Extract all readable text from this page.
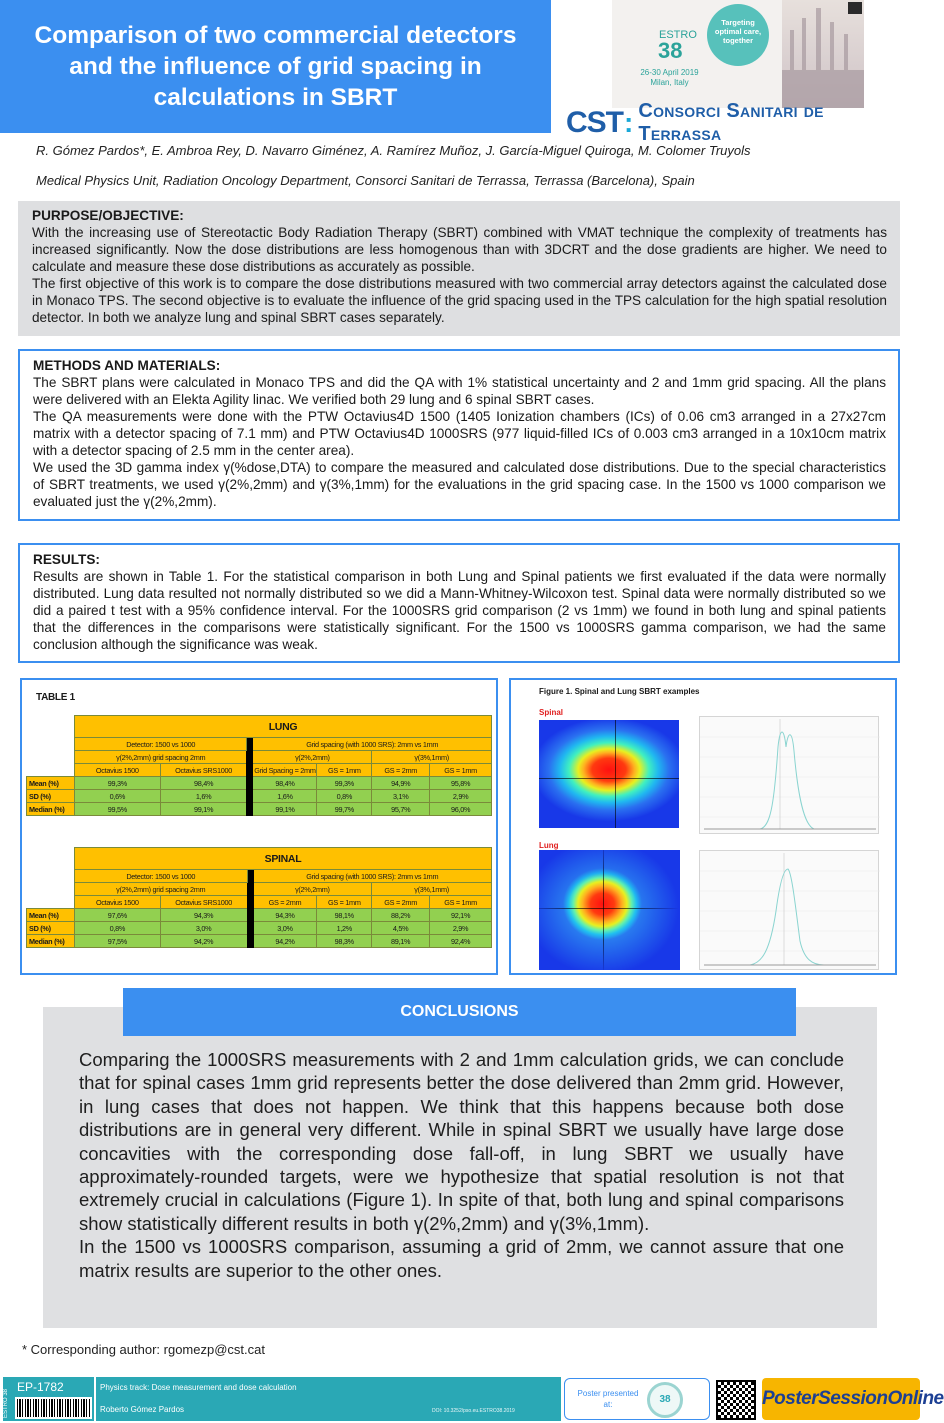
Comparison of two commercial detectors and the influence of grid spacing in calculations in SBRT
ESTRO
38
26-30 April 2019
Milan, Italy
Targeting optimal care, together
CST : Consorci Sanitari de Terrassa
R. Gómez Pardos*, E. Ambroa Rey, D. Navarro Giménez, A. Ramírez Muñoz, J. García-Miguel Quiroga, M. Colomer Truyols
Medical Physics Unit, Radiation Oncology Department, Consorci Sanitari de Terrassa, Terrassa (Barcelona), Spain
PURPOSE/OBJECTIVE:

With the increasing use of Stereotactic Body Radiation Therapy (SBRT) combined with VMAT technique the complexity of treatments has increased significantly. Now the dose distributions are less homogenous than with 3DCRT and the dose gradients are higher. We need to calculate and measure these dose distributions as accurately as possible.

The first objective of this work is to compare the dose distributions measured with two commercial array detectors against the calculated dose in Monaco TPS. The second objective is to evaluate the influence of the grid spacing used in the TPS calculation for the high spatial resolution detector. In both we analyze lung and spinal SBRT cases separately.

METHODS AND MATERIALS:

The SBRT plans were calculated in Monaco TPS and did the QA with 1% statistical uncertainty and 2 and 1mm grid spacing. All the plans were delivered with an Elekta Agility linac. We verified both 29 lung and 6 spinal SBRT cases.

The QA measurements were done with the PTW Octavius4D 1500 (1405 Ionization chambers (ICs) of 0.06 cm3 arranged in a 27x27cm matrix with a detector spacing of 7.1 mm) and PTW Octavius4D 1000SRS (977 liquid-filled ICs of 0.003 cm3 arranged in a 10x10cm matrix with a detector spacing of 2.5 mm in the center area).

We used the 3D gamma index γ(%dose,DTA) to compare the measured and calculated dose distributions. Due to the special characteristics of SBRT treatments, we used γ(2%,2mm) and γ(3%,1mm) for the evaluations in the grid spacing case. In the 1500 vs 1000 comparison we evaluated just the γ(2%,2mm).

RESULTS:

Results are shown in Table 1. For the statistical comparison in both Lung and Spinal patients we first evaluated if the data were normally distributed. Lung data resulted not normally distributed so we did a Mann-Whitney-Wilcoxon test. Spinal data were normally distributed so we did a paired t test with a 95% confidence interval. For the 1000SRS grid comparison (2 vs 1mm) we found in both lung and spinal patients that the differences in the comparisons were statistically significant. For the 1500 vs 1000SRS gamma comparison, we had the same conclusion although the significance was weak.

TABLE 1
	LUNG						
	Detector: 1500 vs 1000			Grid spacing (with 1000 SRS): 2mm vs 1mm			
	γ(2%,2mm) grid spacing 2mm			γ(2%,2mm)		γ(3%,1mm)	
	Octavius 1500	Octavius SRS1000		Grid Spacing = 2mm	GS = 1mm	GS = 2mm	GS = 1mm
Mean (%)	99,3%	98,4%		98,4%	99,3%	94,9%	95,8%
SD (%)	0,6%	1,6%		1,6%	0,8%	3,1%	2,9%
Median (%)	99,5%	99,1%		99,1%	99,7%	95,7%	96,0%
	SPINAL						
	Detector: 1500 vs 1000			Grid spacing (with 1000 SRS): 2mm vs 1mm			
	γ(2%,2mm) grid spacing 2mm			γ(2%,2mm)		γ(3%,1mm)	
	Octavius 1500	Octavius SRS1000		GS = 2mm	GS = 1mm	GS = 2mm	GS = 1mm
Mean (%)	97,6%	94,3%		94,3%	98,1%	88,2%	92,1%
SD (%)	0,8%	3,0%		3,0%	1,2%	4,5%	2,9%
Median (%)	97,5%	94,2%		94,2%	98,3%	89,1%	92,4%
Figure 1. Spinal and Lung SBRT examples
Spinal
Lung
CONCLUSIONS

Comparing the 1000SRS measurements with 2 and 1mm calculation grids, we can conclude that for spinal cases 1mm grid represents better the dose delivered than 2mm grid. However, in lung cases that does not happen. We think that this happens because both dose distributions are in general very different. While in spinal SBRT we usually have large dose concavities with the corresponding dose fall-off, in lung SBRT we usually have approximately-rounded targets, were we hypothesize that spatial resolution is not that extremely crucial in calculations (Figure 1). In spite of that, both lung and spinal comparisons show statistically different results in both γ(2%,2mm) and γ(3%,1mm).

In the 1500 vs 1000SRS comparison, assuming a grid of 2mm, we cannot assure that one matrix results are superior to the other ones.

* Corresponding author: rgomezp@cst.cat
ESTRO 38
EP-1782	Physics track: Dose measurement and dose calculation
Roberto Gómez Pardos	DOI: 10.3252/pso.eu.ESTRO38.2019
Poster presented at:	38	PosterSessionOnline
